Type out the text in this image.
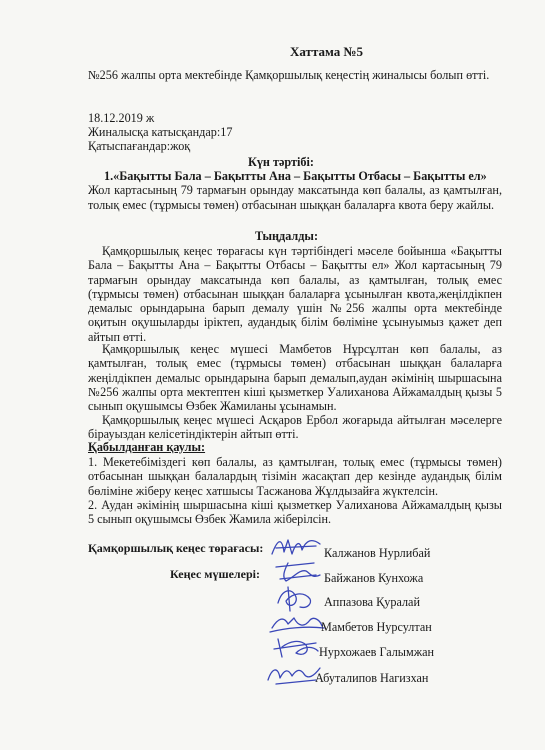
Хаттама №5
№256 жалпы орта мектебінде Қамқоршылық кеңестің жиналысы болып өтті.
18.12.2019 ж
Жиналысқа катысқандар:17
Қатыспағандар:жоқ
Күн тәртібі:
1.«Бақытты Бала – Бақытты Ана – Бақытты Отбасы – Бақытты ел»
Жол картасының 79 тармағын орындау максатында көп балалы, аз қамтылған, толық емес (тұрмысы төмен) отбасынан шыққан балаларға квота беру жайлы.
Тыңдалды:
Қамқоршылық кеңес төрағасы күн тәртібіндегі мәселе бойынша «Бақытты Бала – Бақытты Ана – Бақытты Отбасы – Бақытты ел» Жол картасының 79 тармағын орындау максатында көп балалы, аз қамтылған, толық емес (тұрмысы төмен) отбасынан шыққан балаларға ұсынылған квота,жеңілдікпен демалыс орындарына барып демалу үшін №256 жалпы орта мектебінде оқитын оқушыларды іріктеп, аудандық білім бөліміне ұсынуымыз қажет деп айтып өтті.
Қамқоршылық кеңес мүшесі Мамбетов Нұрсұлтан көп балалы, аз қамтылған, толық емес (тұрмысы төмен) отбасынан шыққан балаларға жеңілдікпен демалыс орындарына барып демалып,аудан әкімінің шыршасына №256 жалпы орта мектептен кіші қызметкер Уалиханова Айжамалдың қызы 5 сынып оқушымсы Өзбек Жамиланы ұсынамын.
Қамқоршылық кеңес мүшесі Асқаров Ербол жоғарыда айтылған мәселерге бірауыздан келісетіндіктерін айтып өтті.
Қабылданған қаулы:
1. Мекетебіміздегі көп балалы, аз қамтылған, толық емес (тұрмысы төмен) отбасынан шыққан балалардың тізімін жасақтап дер кезінде аудандық білім бөліміне жіберу кеңес хатшысы Тасжанова Жұлдызайға жүктелсін.
2. Аудан әкімінің шыршасына кіші қызметкер Уалиханова Айжамалдың қызы 5 сынып оқушымсы Өзбек Жамила жіберілсін.
Қамқоршылық кеңес төрағасы:
Кеңес мүшелері:
Калжанов Нурлибай
Байжанов Кунхожа
Аппазова Қуралай
Мамбетов Нурсултан
Нурхожаев Галымжан
Абуталипов Нагизхан
